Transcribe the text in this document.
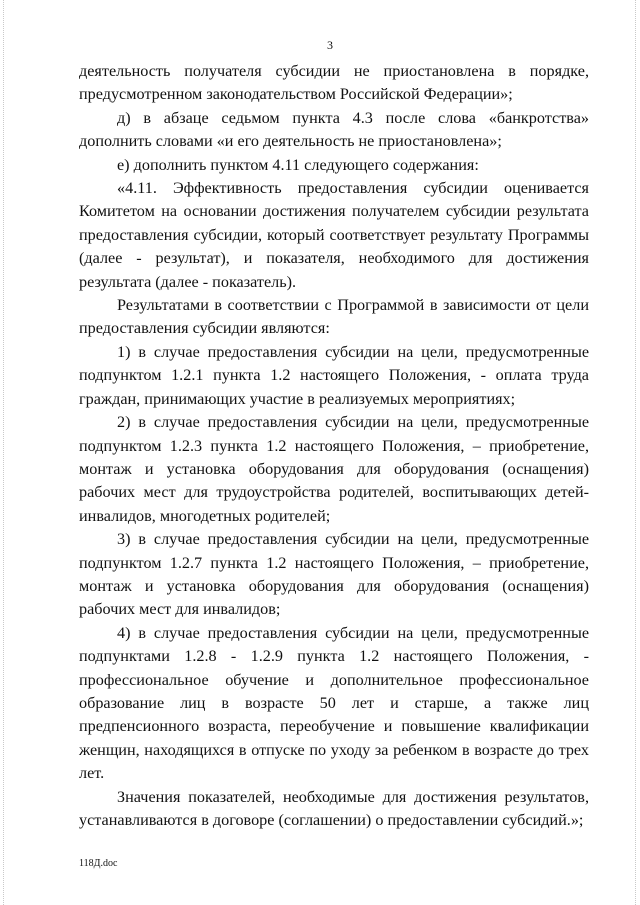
3

деятельность получателя субсидии не приостановлена в порядке, предусмотренном законодательством Российской Федерации»;

д) в абзаце седьмом пункта 4.3 после слова «банкротства» дополнить словами «и его деятельность не приостановлена»;

е) дополнить пунктом 4.11 следующего содержания:

«4.11. Эффективность предоставления субсидии оценивается Комитетом на основании достижения получателем субсидии результата предоставления субсидии, который соответствует результату Программы (далее - результат), и показателя, необходимого для достижения результата (далее - показатель).

Результатами в соответствии с Программой в зависимости от цели предоставления субсидии являются:

1) в случае предоставления субсидии на цели, предусмотренные подпунктом 1.2.1 пункта 1.2 настоящего Положения, - оплата труда граждан, принимающих участие в реализуемых мероприятиях;

2) в случае предоставления субсидии на цели, предусмотренные подпунктом 1.2.3 пункта 1.2 настоящего Положения, – приобретение, монтаж и установка оборудования для оборудования (оснащения) рабочих мест для трудоустройства родителей, воспитывающих детей-инвалидов, многодетных родителей;

3) в случае предоставления субсидии на цели, предусмотренные подпунктом 1.2.7 пункта 1.2 настоящего Положения, – приобретение, монтаж и установка оборудования для оборудования (оснащения) рабочих мест для инвалидов;

4) в случае предоставления субсидии на цели, предусмотренные подпунктами 1.2.8 - 1.2.9 пункта 1.2 настоящего Положения, - профессиональное обучение и дополнительное профессиональное образование лиц в возрасте 50 лет и старше, а также лиц предпенсионного возраста, переобучение и повышение квалификации женщин, находящихся в отпуске по уходу за ребенком в возрасте до трех лет.

Значения показателей, необходимые для достижения результатов, устанавливаются в договоре (соглашении) о предоставлении субсидий.»;

118Д.doc
